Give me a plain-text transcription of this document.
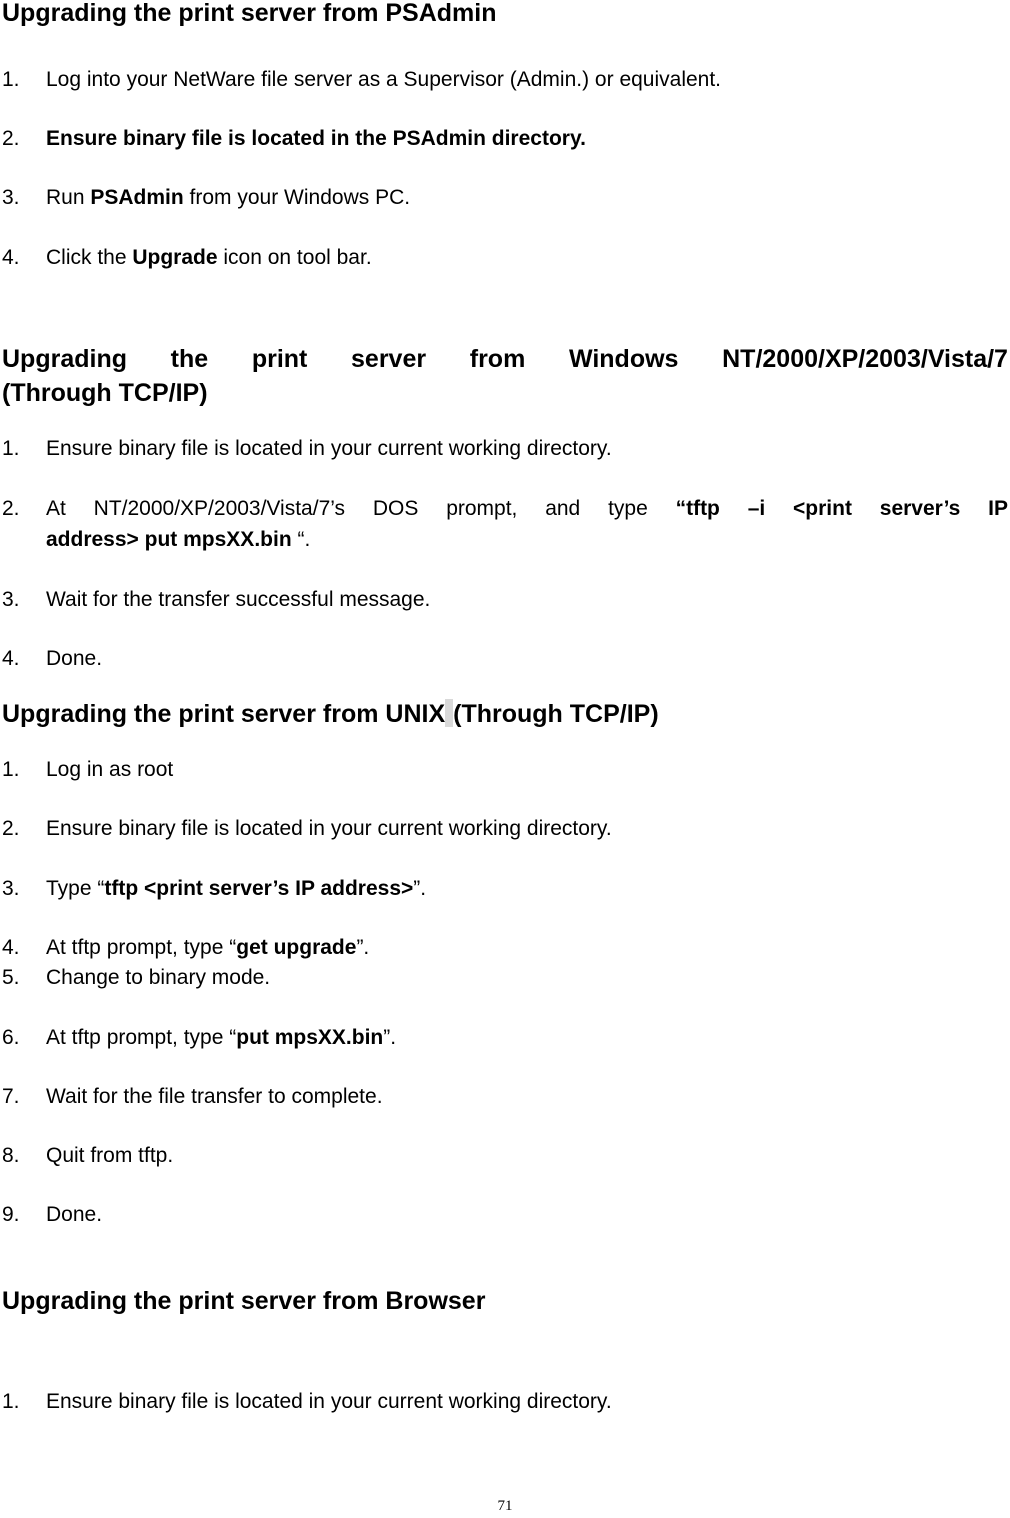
Upgrading the print server from PSAdmin
1.	Log into your NetWare file server as a Supervisor (Admin.) or equivalent.
2.	Ensure binary file is located in the PSAdmin directory.
3.	Run PSAdmin from your Windows PC.
4.	Click the Upgrade icon on tool bar.
Upgrading the print server from Windows NT/2000/XP/2003/Vista/7
(Through TCP/IP)
1.	Ensure binary file is located in your current working directory.
2.	At NT/2000/XP/2003/Vista/7’s DOS prompt, and type “tftp –i <print server’s IP
address> put mpsXX.bin “.
3.	Wait for the transfer successful message.
4.	Done.
Upgrading the print server from UNIX (Through TCP/IP)
1.	Log in as root
2.	Ensure binary file is located in your current working directory.
3.	Type “tftp <print server’s IP address>”.
4.	At tftp prompt, type “get upgrade”.
5.	Change to binary mode.
6.	At tftp prompt, type “put mpsXX.bin”.
7.	Wait for the file transfer to complete.
8.	Quit from tftp.
9.	Done.
Upgrading the print server from Browser
1.	Ensure binary file is located in your current working directory.
71
